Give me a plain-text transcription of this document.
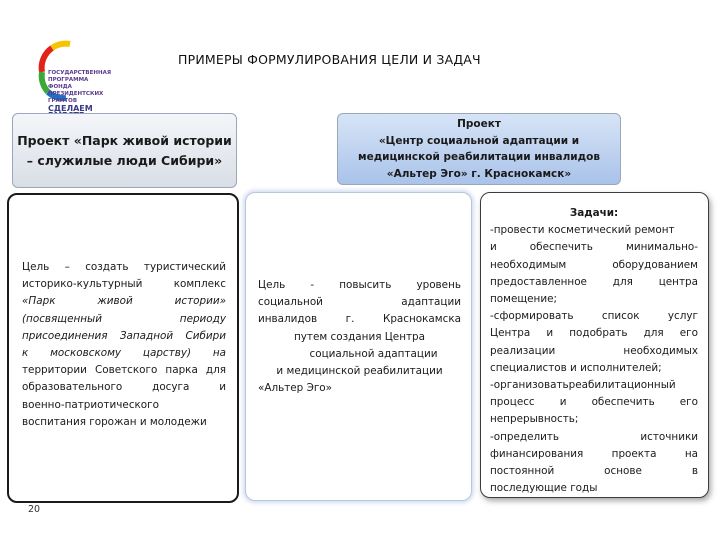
ГОСУДАРСТВЕННАЯ
ПРОГРАММА
ФОНДА ПРЕЗИДЕНТСКИХ ГРАНТОВ
СДЕЛАЕМ
ПРИМЕРЫ ФОРМУЛИРОВАНИЯ ЦЕЛИ И ЗАДАЧ
Проект «Парк живой истории
– служилые люди Сибири»
Проект
«Центр социальной адаптации и
медицинской реабилитации инвалидов
«Альтер Эго» г. Краснокамск»
Цель – создать туристический
историко-культурный комплекс
«Парк живой истории»
(посвященный периоду
присоединения Западной Сибири
к московскому царству) на
территории Советского парка для
образовательного досуга и
военно-патриотического
воспитания горожан и молодежи
Цель - повысить уровень
социальной адаптации
инвалидов г. Краснокамска
путем создания Центра
социальной адаптации
и медицинской реабилитации
«Альтер Эго»
Задачи:
-провести косметический ремонт
и обеспечить минимально-
необходимым оборудованием
предоставленное для центра
помещение;
-сформировать список услуг
Центра и подобрать для его
реализации необходимых
специалистов и исполнителей;
-организоватьреабилитационный
процесс и обеспечить его
непрерывность;
-определить источники
финансирования проекта на
постоянной основе в
последующие годы
20
